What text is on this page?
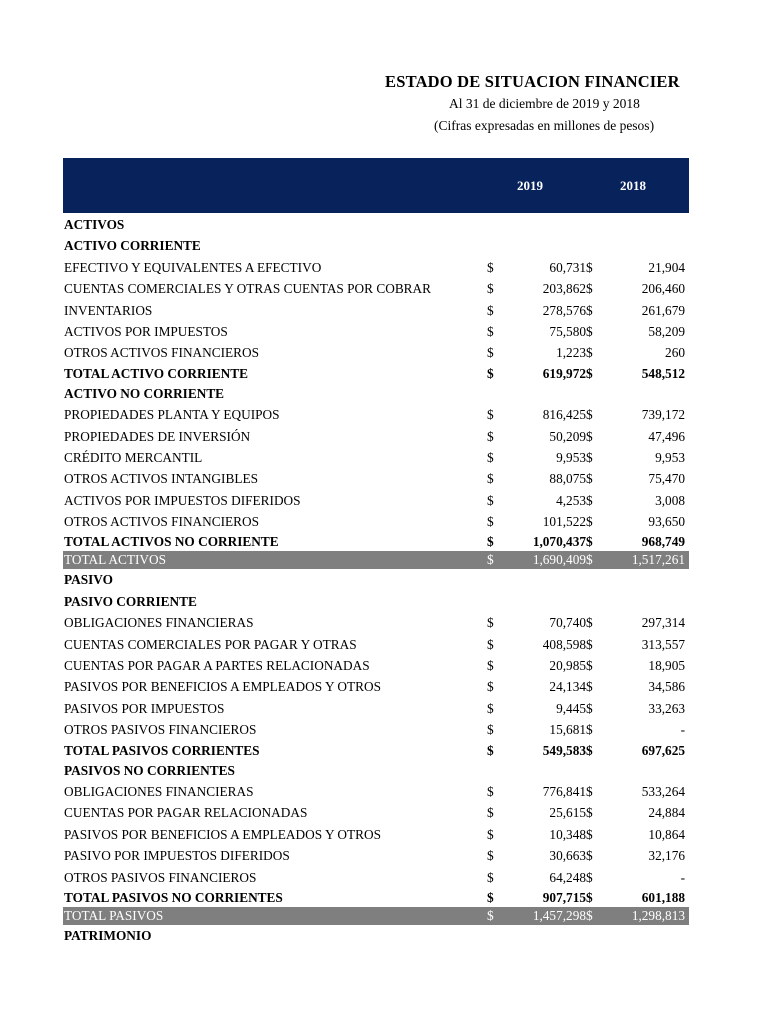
ESTADO DE SITUACION FINANCIER
Al 31 de diciembre de 2019 y 2018
(Cifras expresadas en millones de pesos)
2019	2018
ACTIVOS
ACTIVO CORRIENTE
EFECTIVO Y EQUIVALENTES A EFECTIVO	$	60,731 $	21,904
CUENTAS COMERCIALES Y OTRAS CUENTAS POR COBRAR	$	203,862 $	206,460
INVENTARIOS	$	278,576 $	261,679
ACTIVOS POR IMPUESTOS	$	75,580 $	58,209
OTROS ACTIVOS FINANCIEROS	$	1,223 $	260
TOTAL ACTIVO CORRIENTE	$	619,972 $	548,512
ACTIVO NO CORRIENTE
PROPIEDADES PLANTA Y EQUIPOS	$	816,425 $	739,172
PROPIEDADES DE INVERSIÓN	$	50,209 $	47,496
CRÉDITO MERCANTIL	$	9,953 $	9,953
OTROS ACTIVOS INTANGIBLES	$	88,075 $	75,470
ACTIVOS POR IMPUESTOS DIFERIDOS	$	4,253 $	3,008
OTROS ACTIVOS FINANCIEROS	$	101,522 $	93,650
TOTAL ACTIVOS NO CORRIENTE	$	1,070,437 $	968,749
TOTAL ACTIVOS	$	1,690,409 $	1,517,261
PASIVO
PASIVO CORRIENTE
OBLIGACIONES FINANCIERAS	$	70,740 $	297,314
CUENTAS COMERCIALES POR PAGAR Y OTRAS	$	408,598 $	313,557
CUENTAS POR PAGAR A PARTES RELACIONADAS	$	20,985 $	18,905
PASIVOS POR BENEFICIOS A EMPLEADOS Y OTROS	$	24,134 $	34,586
PASIVOS POR IMPUESTOS	$	9,445 $	33,263
OTROS PASIVOS FINANCIEROS	$	15,681 $	-
TOTAL PASIVOS CORRIENTES	$	549,583 $	697,625
PASIVOS NO CORRIENTES
OBLIGACIONES FINANCIERAS	$	776,841 $	533,264
CUENTAS POR PAGAR RELACIONADAS	$	25,615 $	24,884
PASIVOS POR BENEFICIOS A EMPLEADOS Y OTROS	$	10,348 $	10,864
PASIVO POR IMPUESTOS DIFERIDOS	$	30,663 $	32,176
OTROS PASIVOS FINANCIEROS	$	64,248 $	-
TOTAL PASIVOS NO CORRIENTES	$	907,715 $	601,188
TOTAL PASIVOS	$	1,457,298 $	1,298,813
PATRIMONIO
